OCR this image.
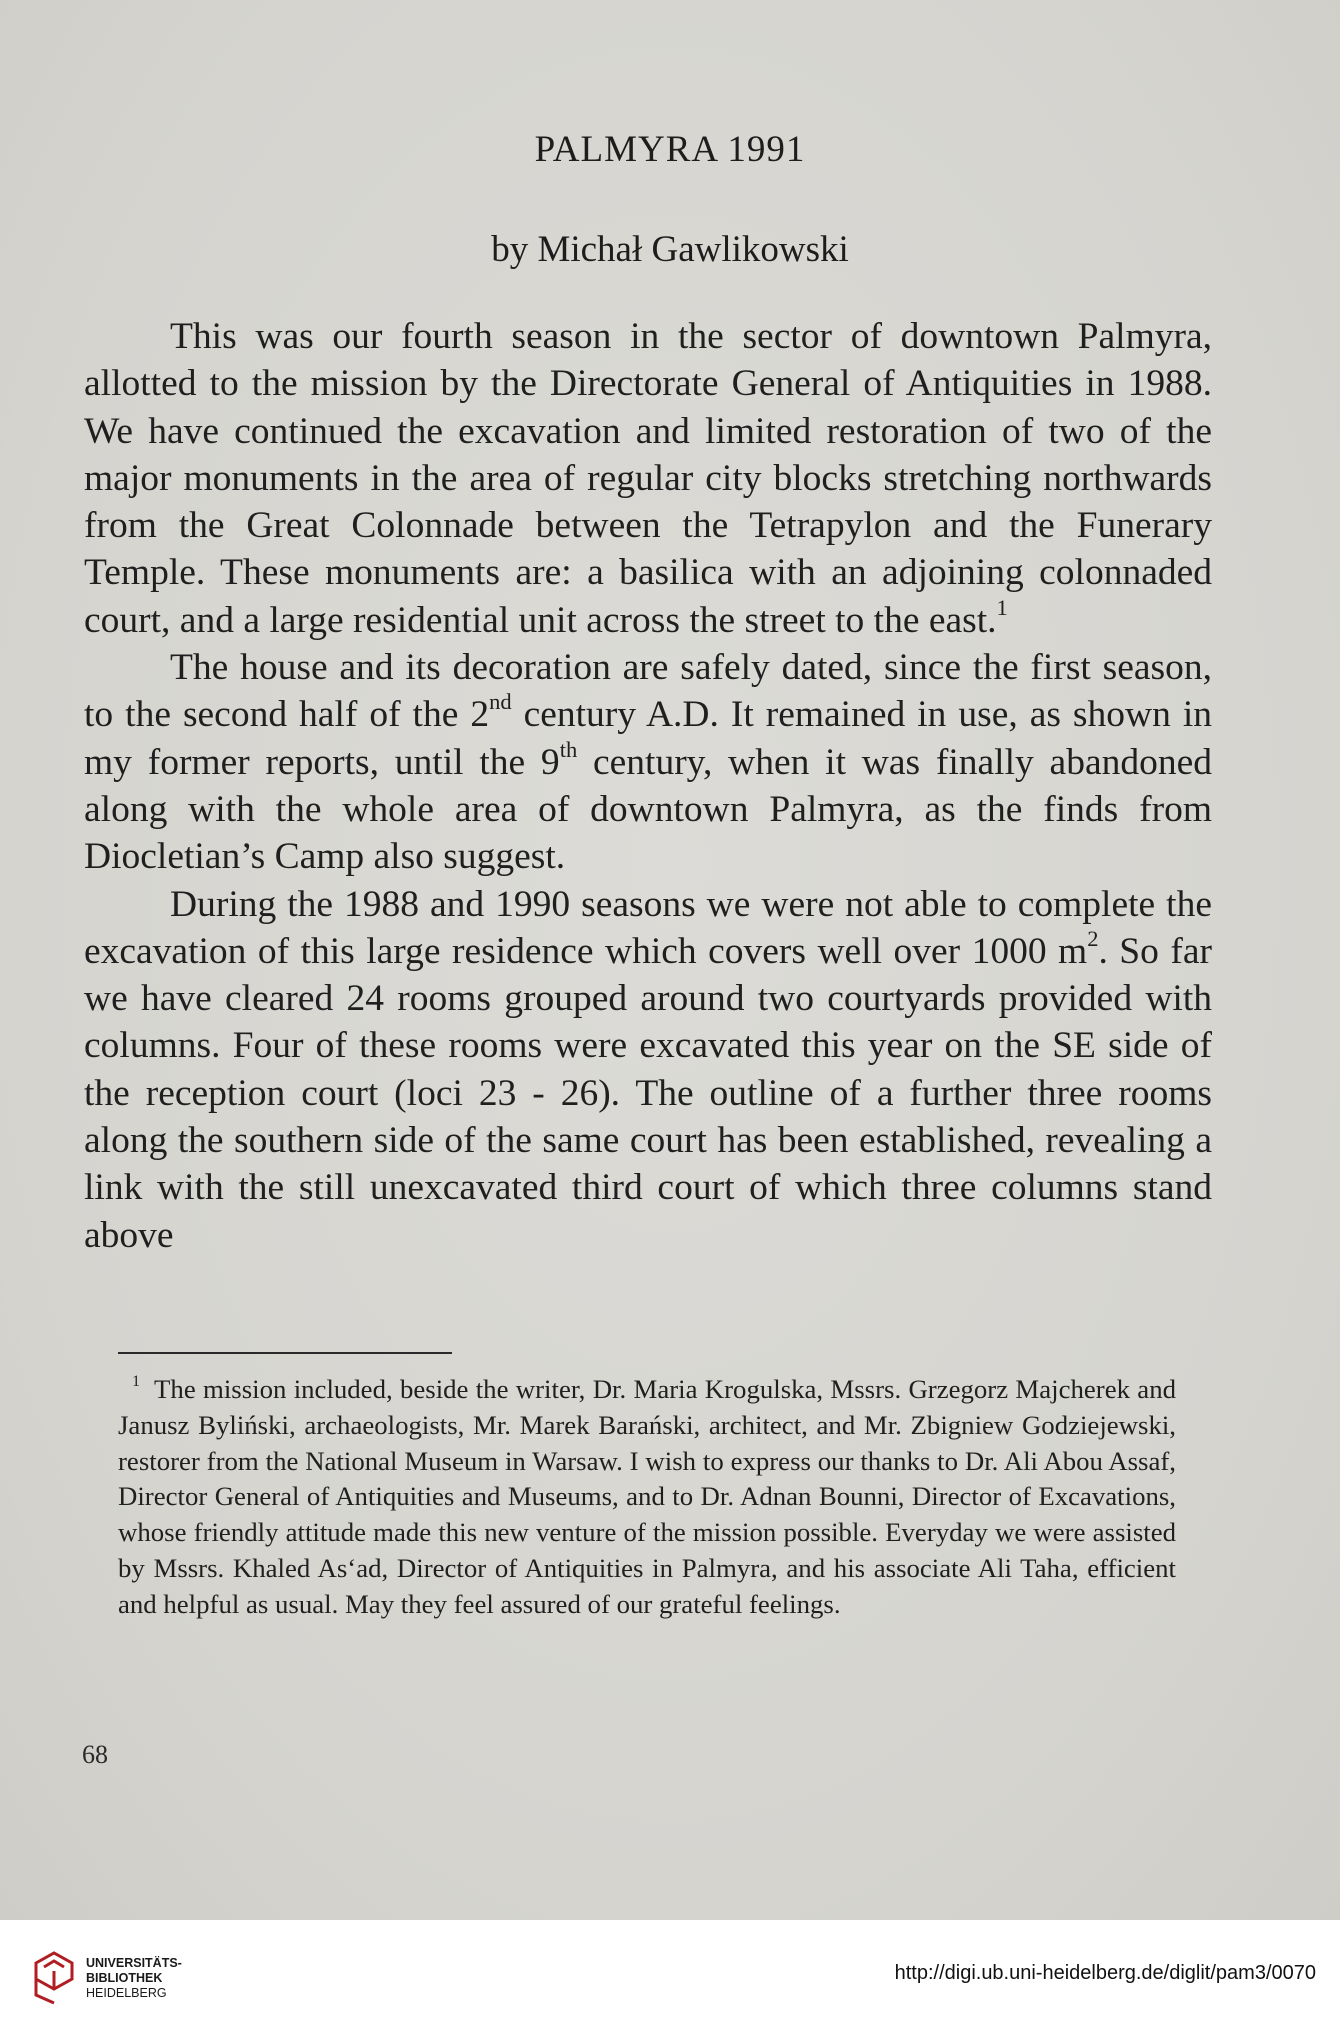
PALMYRA 1991
by Michał Gawlikowski

This was our fourth season in the sector of downtown Palmyra, allotted to the mission by the Directorate General of Antiquities in 1988. We have continued the excavation and limited restoration of two of the major monuments in the area of regular city blocks stretching northwards from the Great Colonnade between the Tetrapylon and the Funerary Temple. These monuments are: a basilica with an adjoining colonnaded court, and a large residential unit across the street to the east.$^1$

The house and its decoration are safely dated, since the first season, to the second half of the 2nd century A.D. It remained in use, as shown in my former reports, until the 9th century, when it was finally abandoned along with the whole area of downtown Palmyra, as the finds from Diocletian’s Camp also suggest.

During the 1988 and 1990 seasons we were not able to complete the excavation of this large residence which covers well over 1000 $m^2$. So far we have cleared 24 rooms grouped around two courtyards provided with columns. Four of these rooms were excavated this year on the SE side of the reception court (loci 23 - 26). The outline of a further three rooms along the southern side of the same court has been established, revealing a link with the still unexcavated third court of which three columns stand above

$^1$ The mission included, beside the writer, Dr. Maria Krogulska, Mssrs. Grzegorz Majcherek and Janusz Byliński, archaeologists, Mr. Marek Barański, architect, and Mr. Zbigniew Godziejewski, restorer from the National Museum in Warsaw. I wish to express our thanks to Dr. Ali Abou Assaf, Director General of Antiquities and Museums, and to Dr. Adnan Bounni, Director of Excavations, whose friendly attitude made this new venture of the mission possible. Everyday we were assisted by Mssrs. Khaled As‘ad, Director of Antiquities in Palmyra, and his associate Ali Taha, efficient and helpful as usual. May they feel assured of our grateful feelings.
68
UNIVERSITÄTS-
BIBLIOTHEK
HEIDELBERG
http://digi.ub.uni-heidelberg.de/diglit/pam3/0070
